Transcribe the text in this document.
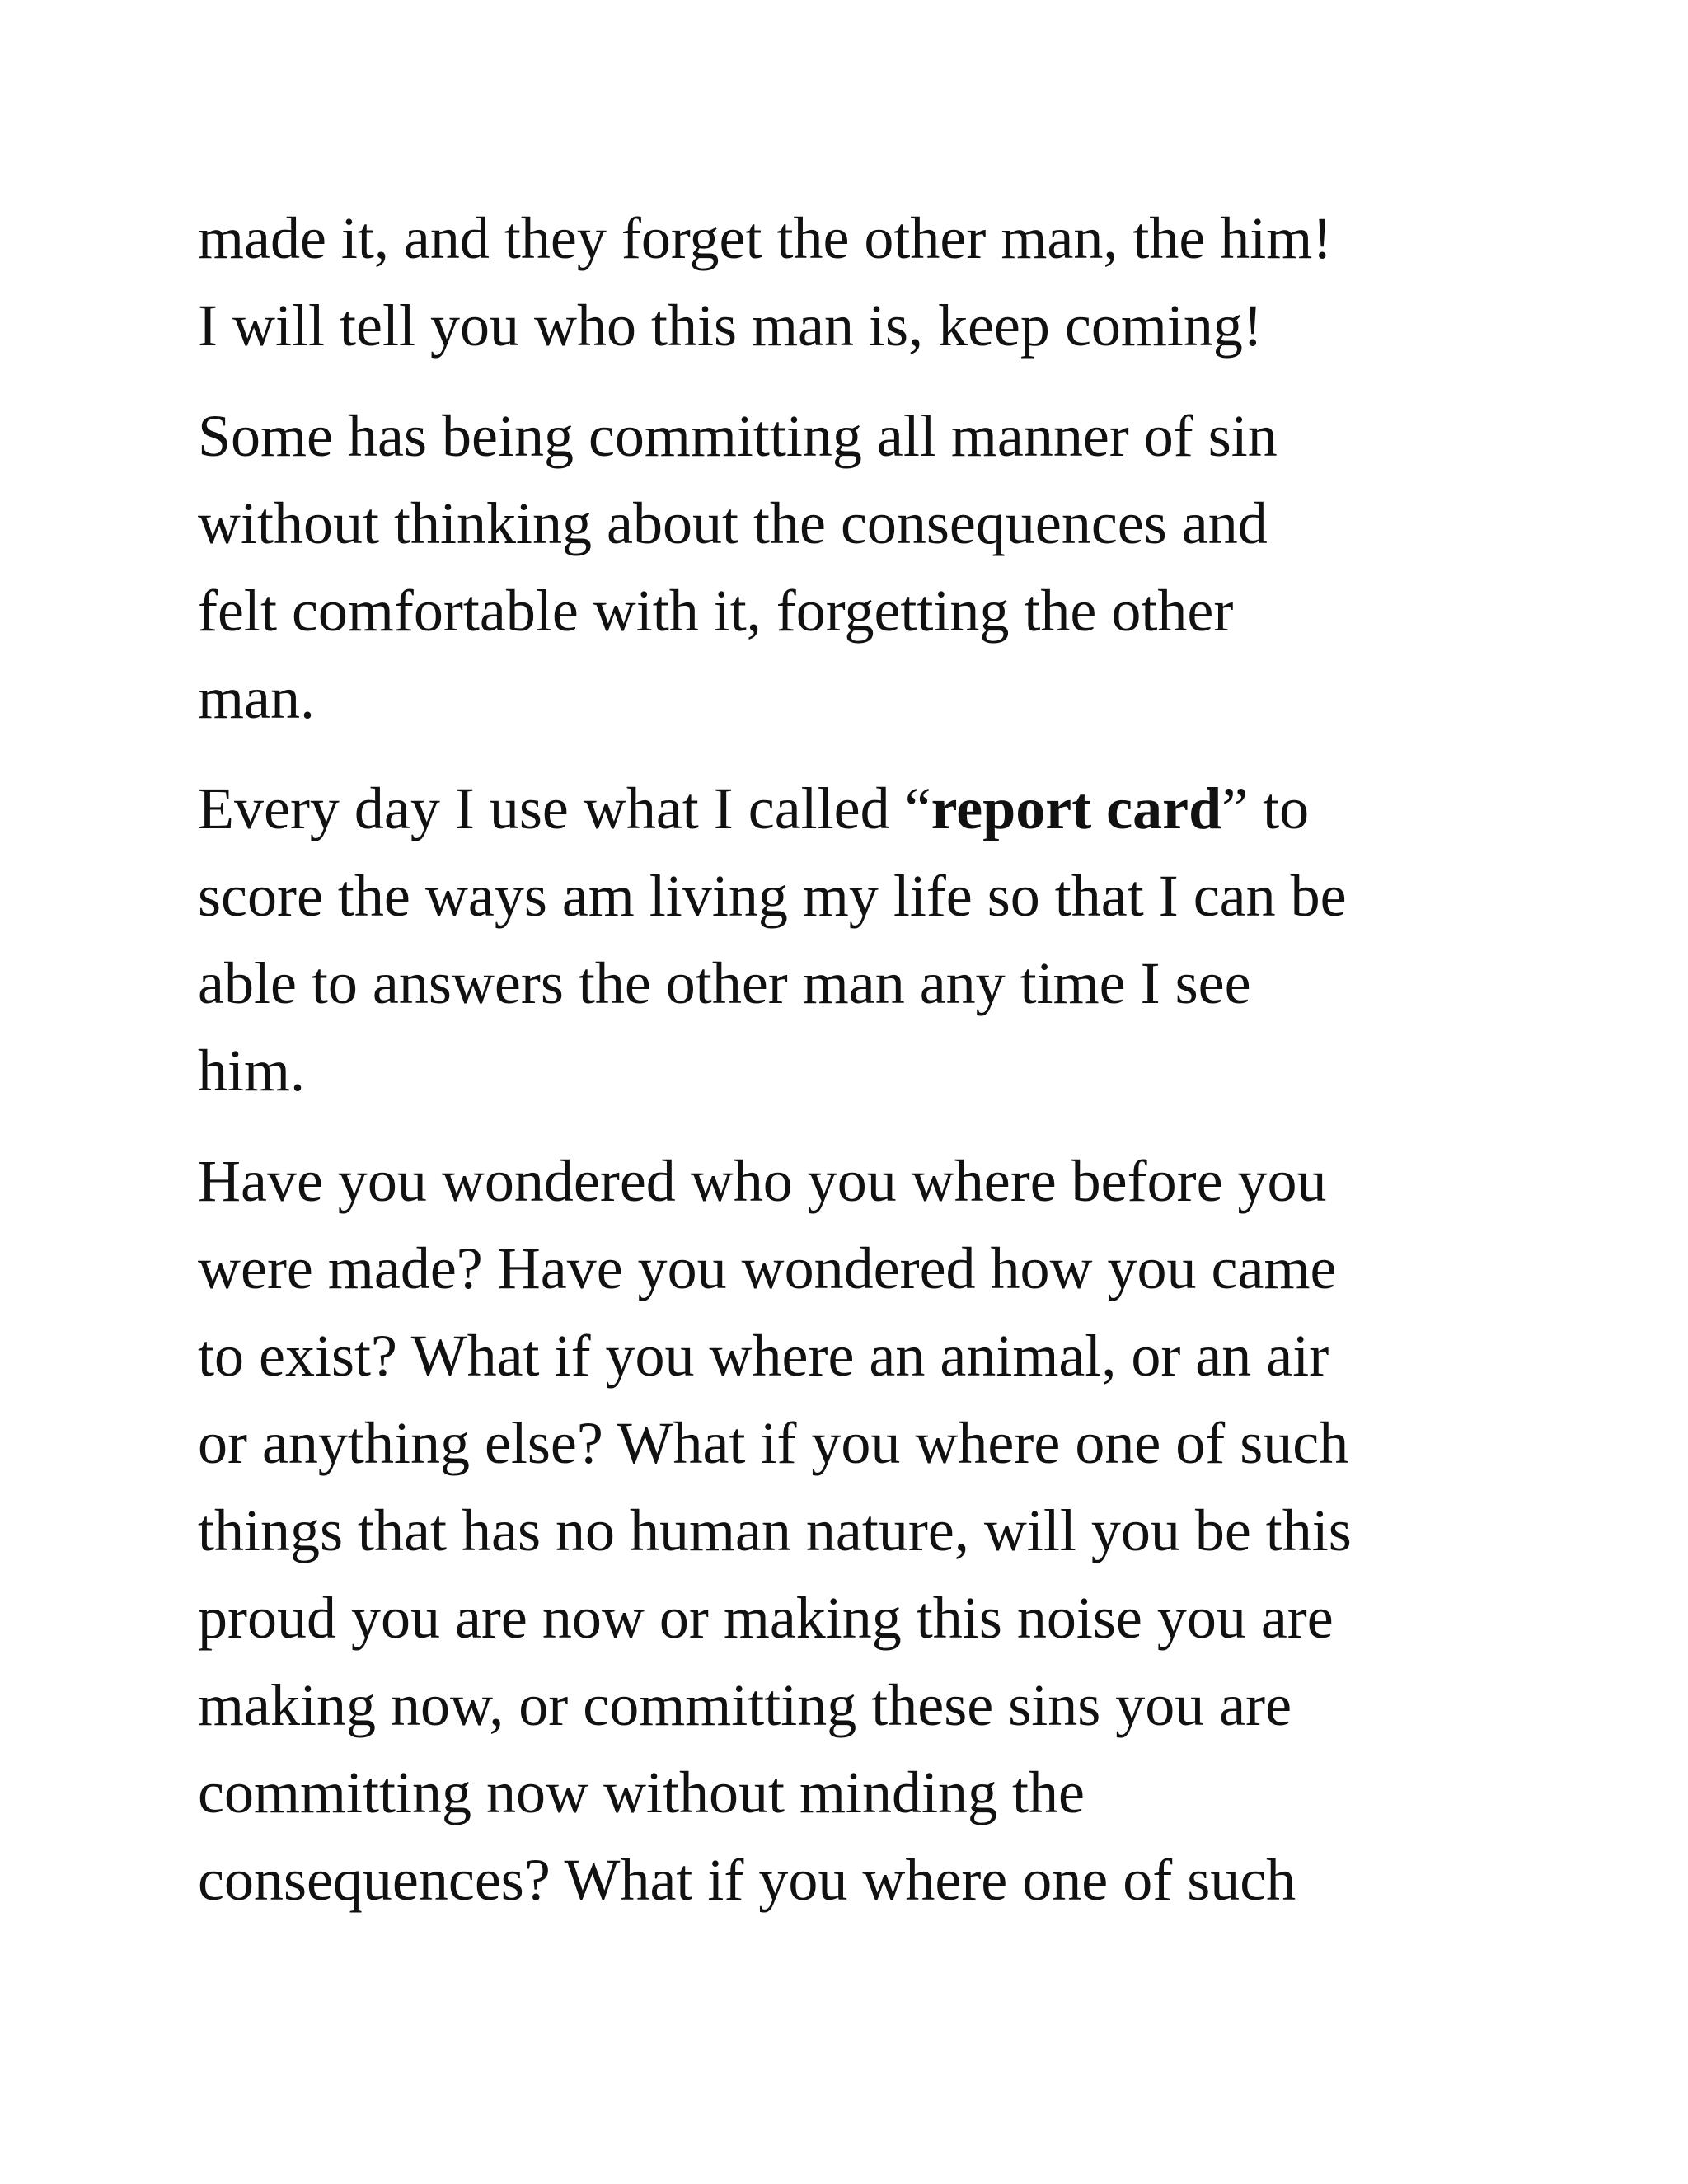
made it, and they forget the other man, the him!
I will tell you who this man is, keep coming!

Some has being committing all manner of sin
without thinking about the consequences and
felt comfortable with it, forgetting the other
man.

Every day I use what I called “report card” to
score the ways am living my life so that I can be
able to answers the other man any time I see
him.

Have you wondered who you where before you
were made? Have you wondered how you came
to exist? What if you where an animal, or an air
or anything else? What if you where one of such
things that has no human nature, will you be this
proud you are now or making this noise you are
making now, or committing these sins you are
committing now without minding the
consequences? What if you where one of such
